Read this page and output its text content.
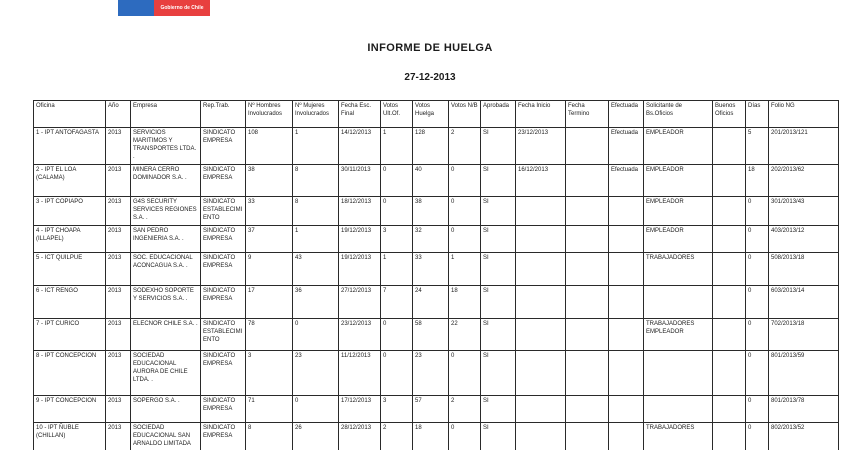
Gobierno de Chile
INFORME DE HUELGA
27-12-2013
Oficina	Año	Empresa	Rep.Trab.	Nº Hombres Involucrados	Nº Mujeres Involucrados	Fecha Esc. Final	Votos Ult.Of.	Votos Huelga	Votos N/B	Aprobada	Fecha Inicio	Fecha Termino	Efectuada	Solicitante de Bs.Oficios	Buenos Oficios	Días	Folio NG
1 - IPT ANTOFAGASTA	2013	SERVICIOS MARITIMOS Y TRANSPORTES LTDA. .	SINDICATO EMPRESA	108	1	14/12/2013	1	128	2	SI	23/12/2013		Efectuada	EMPLEADOR		5	201/2013/121
2 - IPT EL LOA (CALAMA)	2013	MINERA CERRO DOMINADOR S.A. .	SINDICATO EMPRESA	38	8	30/11/2013	0	40	0	SI	16/12/2013		Efectuada	EMPLEADOR		18	202/2013/62
3 - IPT COPIAPO	2013	G4S SECURITY SERVICES REGIONES S.A. .	SINDICATO ESTABLECIMIENTO	33	8	18/12/2013	0	38	0	SI				EMPLEADOR		0	301/2013/43
4 - IPT CHOAPA (ILLAPEL)	2013	SAN PEDRO INGENIERIA S.A. .	SINDICATO EMPRESA	37	1	19/12/2013	3	32	0	SI				EMPLEADOR		0	403/2013/12
5 - ICT QUILPUE	2013	SOC. EDUCACIONAL ACONCAGUA S.A. .	SINDICATO EMPRESA	9	43	19/12/2013	1	33	1	SI				TRABAJADORES		0	508/2013/18
6 - ICT RENGO	2013	SODEXHO SOPORTE Y SERVICIOS S.A. .	SINDICATO EMPRESA	17	36	27/12/2013	7	24	18	SI						0	603/2013/14
7 - IPT CURICO	2013	ELECNOR CHILE S.A. .	SINDICATO ESTABLECIMIENTO	78	0	23/12/2013	0	58	22	SI				TRABAJADORES EMPLEADOR		0	702/2013/18
8 - IPT CONCEPCION	2013	SOCIEDAD EDUCACIONAL AURORA DE CHILE LTDA. .	SINDICATO EMPRESA	3	23	11/12/2013	0	23	0	SI						0	801/2013/59
9 - IPT CONCEPCION	2013	SOPERGO S.A. .	SINDICATO EMPRESA	71	0	17/12/2013	3	57	2	SI						0	801/2013/78
10 - IPT ÑUBLE (CHILLAN)	2013	SOCIEDAD EDUCACIONAL SAN ARNALDO LIMITADA	SINDICATO EMPRESA	8	26	28/12/2013	2	18	0	SI				TRABAJADORES		0	802/2013/52
